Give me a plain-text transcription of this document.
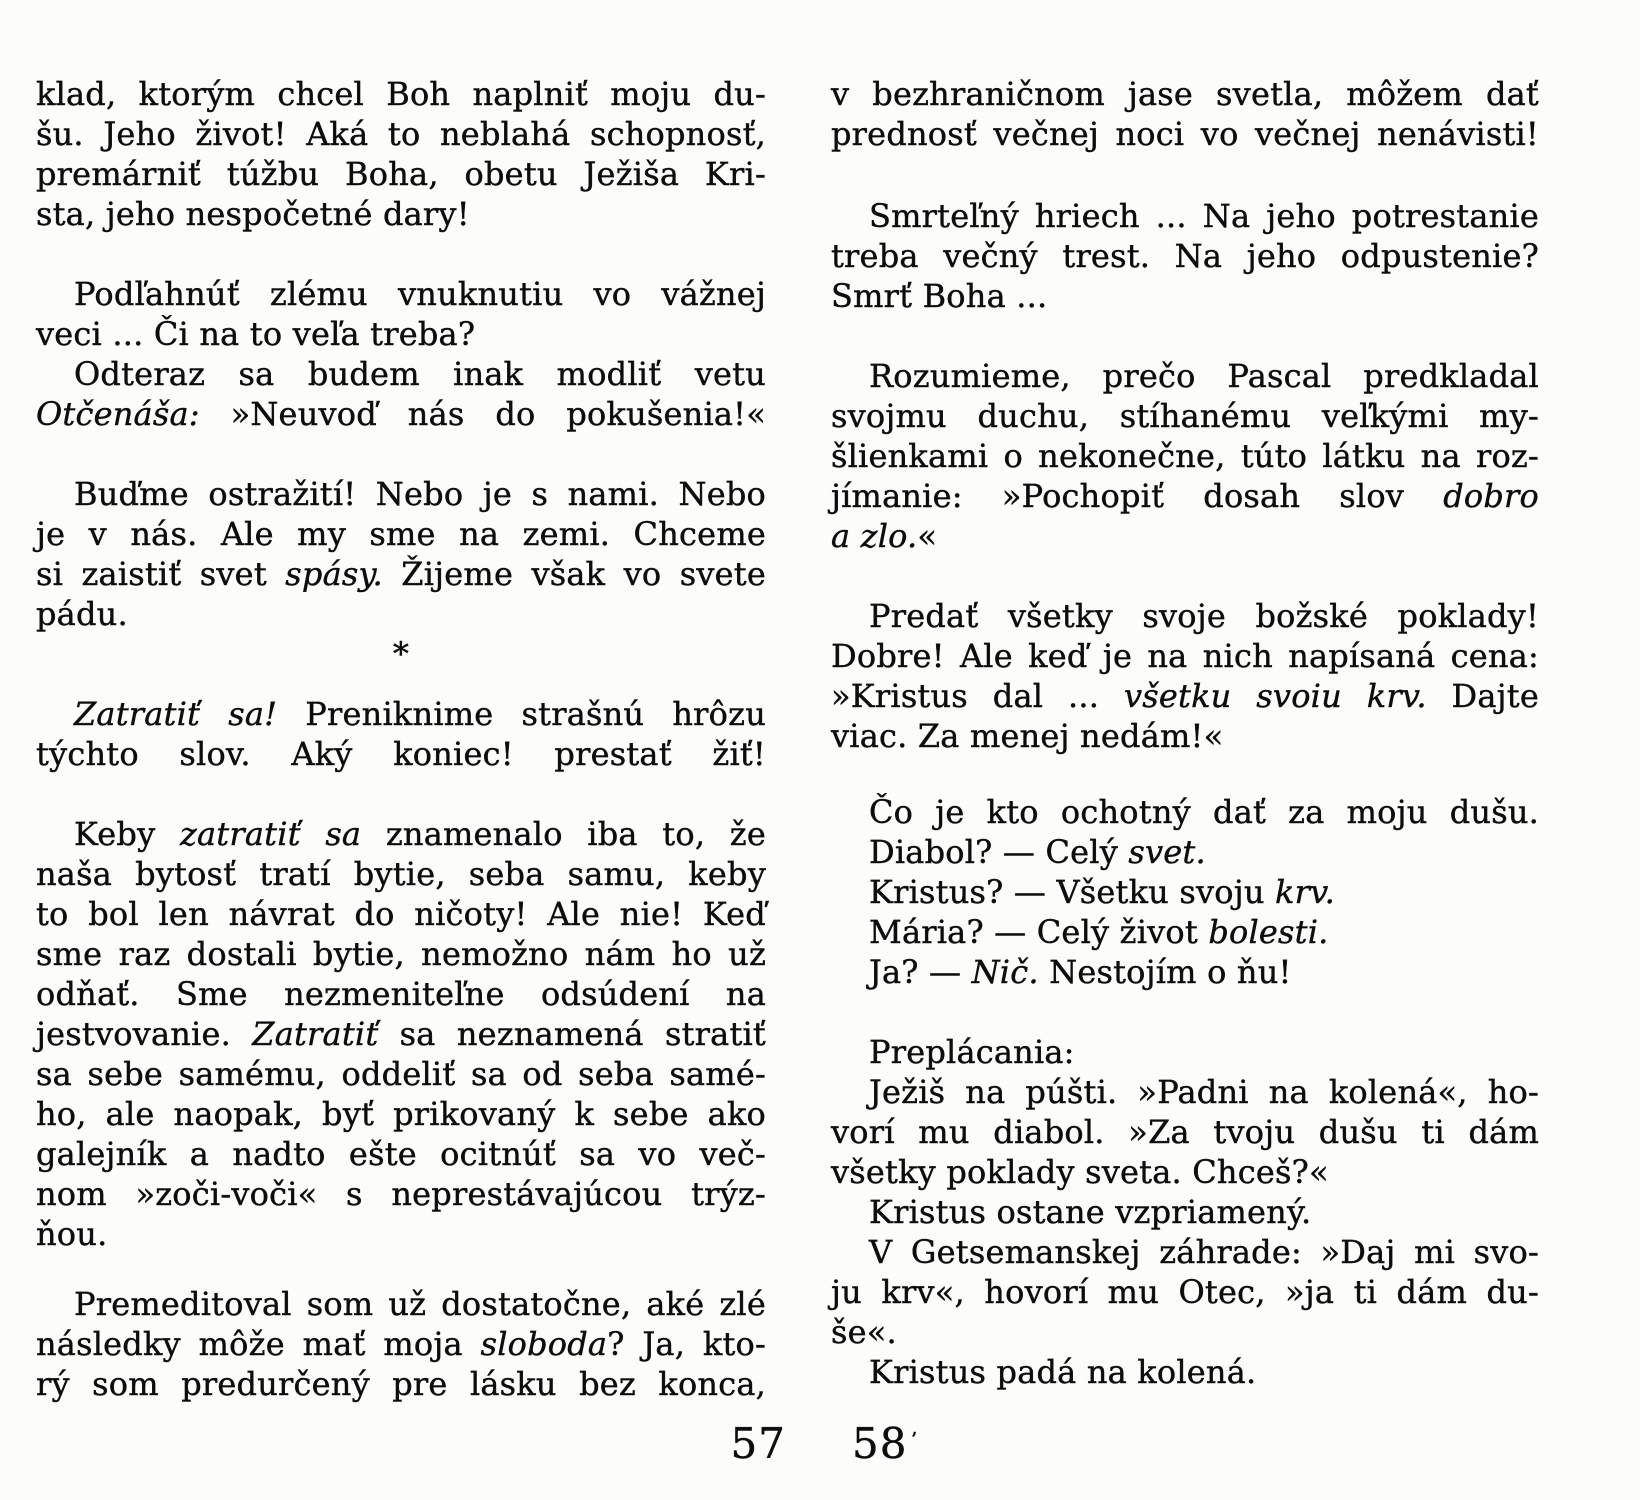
klad, ktorým chcel Boh naplniť moju du-
šu. Jeho život! Aká to neblahá schopnosť,
premárniť túžbu Boha, obetu Ježiša Kri-
sta, jeho nespočetné dary!
Podľahnúť zlému vnuknutiu vo vážnej
veci ... Či na to veľa treba?
Odteraz sa budem inak modliť vetu
Otčenáša: »Neuvoď nás do pokušenia!«
Buďme ostražití! Nebo je s nami. Nebo
je v nás. Ale my sme na zemi. Chceme
si zaistiť svet spásy. Žijeme však vo svete
pádu.
*
Zatratiť sa! Preniknime strašnú hrôzu
týchto slov. Aký koniec! prestať žiť!
Keby zatratiť sa znamenalo iba to, že
naša bytosť tratí bytie, seba samu, keby
to bol len návrat do ničoty! Ale nie! Keď
sme raz dostali bytie, nemožno nám ho už
odňať. Sme nezmeniteľne odsúdení na
jestvovanie. Zatratiť sa neznamená stratiť
sa sebe samému, oddeliť sa od seba samé-
ho, ale naopak, byť prikovaný k sebe ako
galejník a nadto ešte ocitnúť sa vo več-
nom »zoči-voči« s neprestávajúcou trýz-
ňou.
Premeditoval som už dostatočne, aké zlé
následky môže mať moja sloboda? Ja, kto-
rý som predurčený pre lásku bez konca,
v bezhraničnom jase svetla, môžem dať
prednosť večnej noci vo večnej nenávisti!
Smrteľný hriech ... Na jeho potrestanie
treba večný trest. Na jeho odpustenie?
Smrť Boha ...
Rozumieme, prečo Pascal predkladal
svojmu duchu, stíhanému veľkými my-
šlienkami o nekonečne, túto látku na roz-
jímanie: »Pochopiť dosah slov dobro
a zlo.«
Predať všetky svoje božské poklady!
Dobre! Ale keď je na nich napísaná cena:
»Kristus dal ... všetku svoiu krv. Dajte
viac. Za menej nedám!«
Čo je kto ochotný dať za moju dušu.
Diabol? — Celý svet.
Kristus? — Všetku svoju krv.
Mária? — Celý život bolesti.
Ja? — Nič. Nestojím o ňu!
Preplácania:
Ježiš na púšti. »Padni na kolená«, ho-
vorí mu diabol. »Za tvoju dušu ti dám
všetky poklady sveta. Chceš?«
Kristus ostane vzpriamený.
V Getsemanskej záhrade: »Daj mi svo-
ju krv«, hovorí mu Otec, »ja ti dám du-
še«.
Kristus padá na kolená.
57 58 ʼ
